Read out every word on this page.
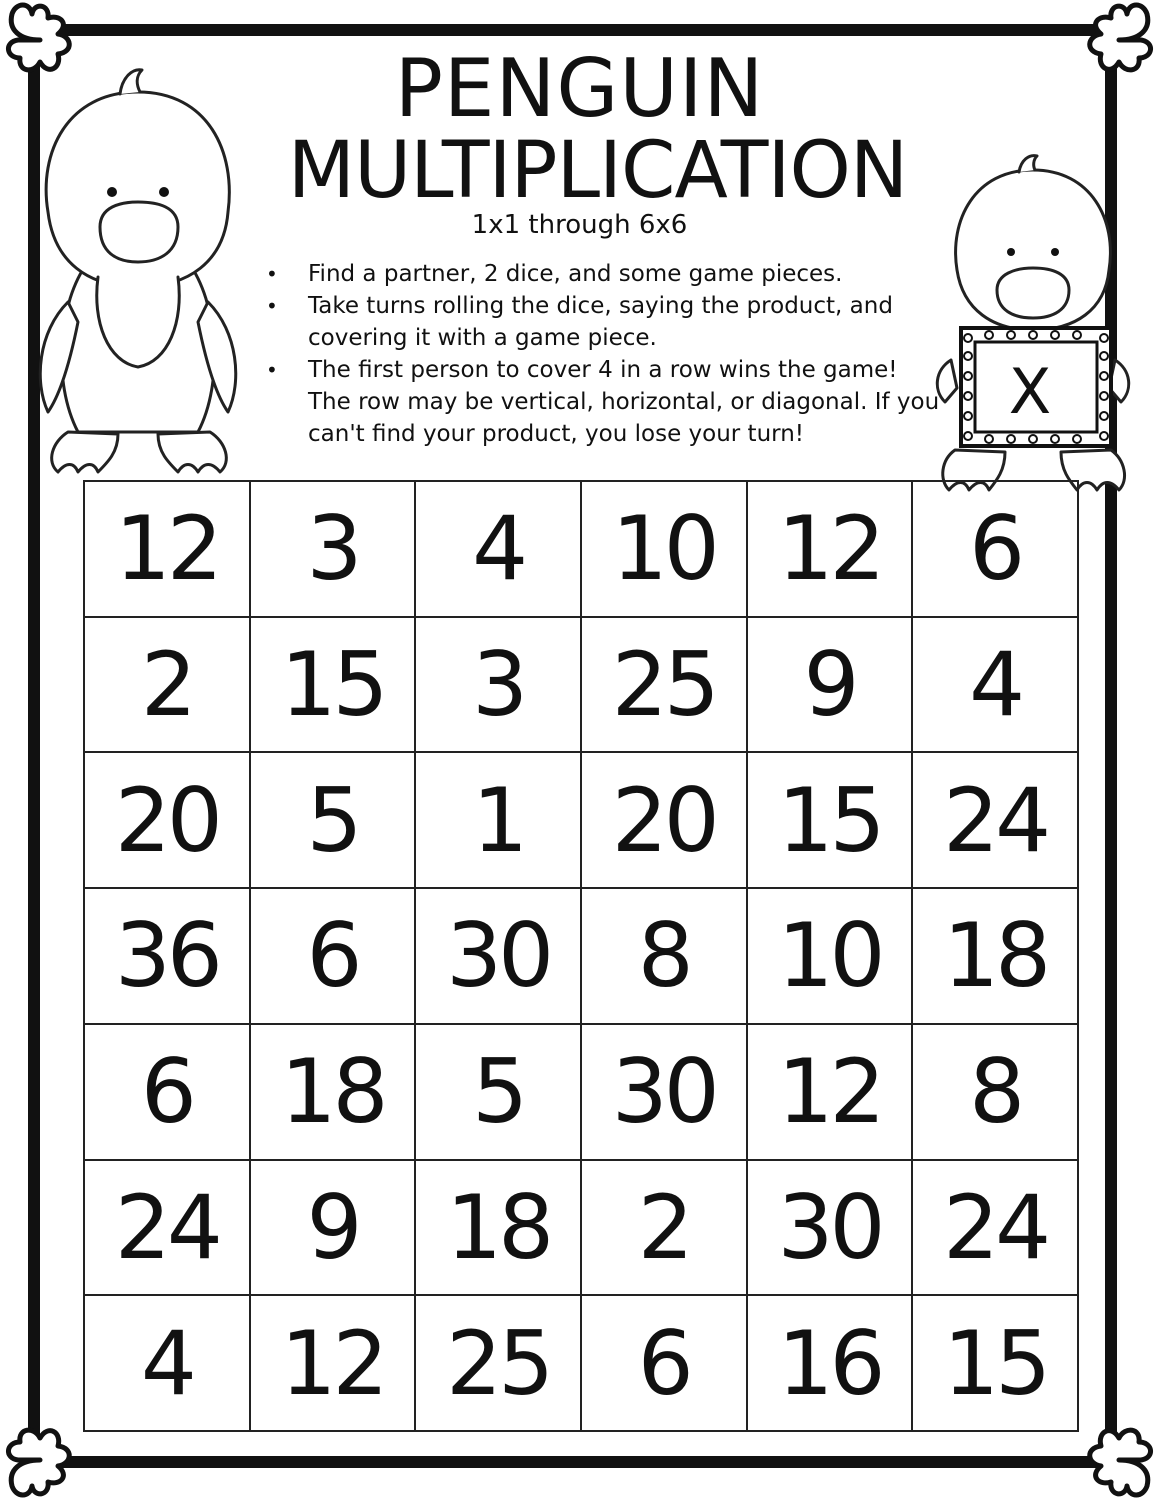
X
PENGUIN
MULTIPLICATION
1x1 through 6x6
• Find a partner, 2 dice, and some game pieces.
• Take turns rolling the dice, saying the product, and covering it with a game piece.
• The first person to cover 4 in a row wins the game! The row may be vertical, horizontal, or diagonal. If you can't find your product, you lose your turn!
12	3	4	10	12	6
2	15	3	25	9	4
20	5	1	20	15	24
36	6	30	8	10	18
6	18	5	30	12	8
24	9	18	2	30	24
4	12	25	6	16	15
